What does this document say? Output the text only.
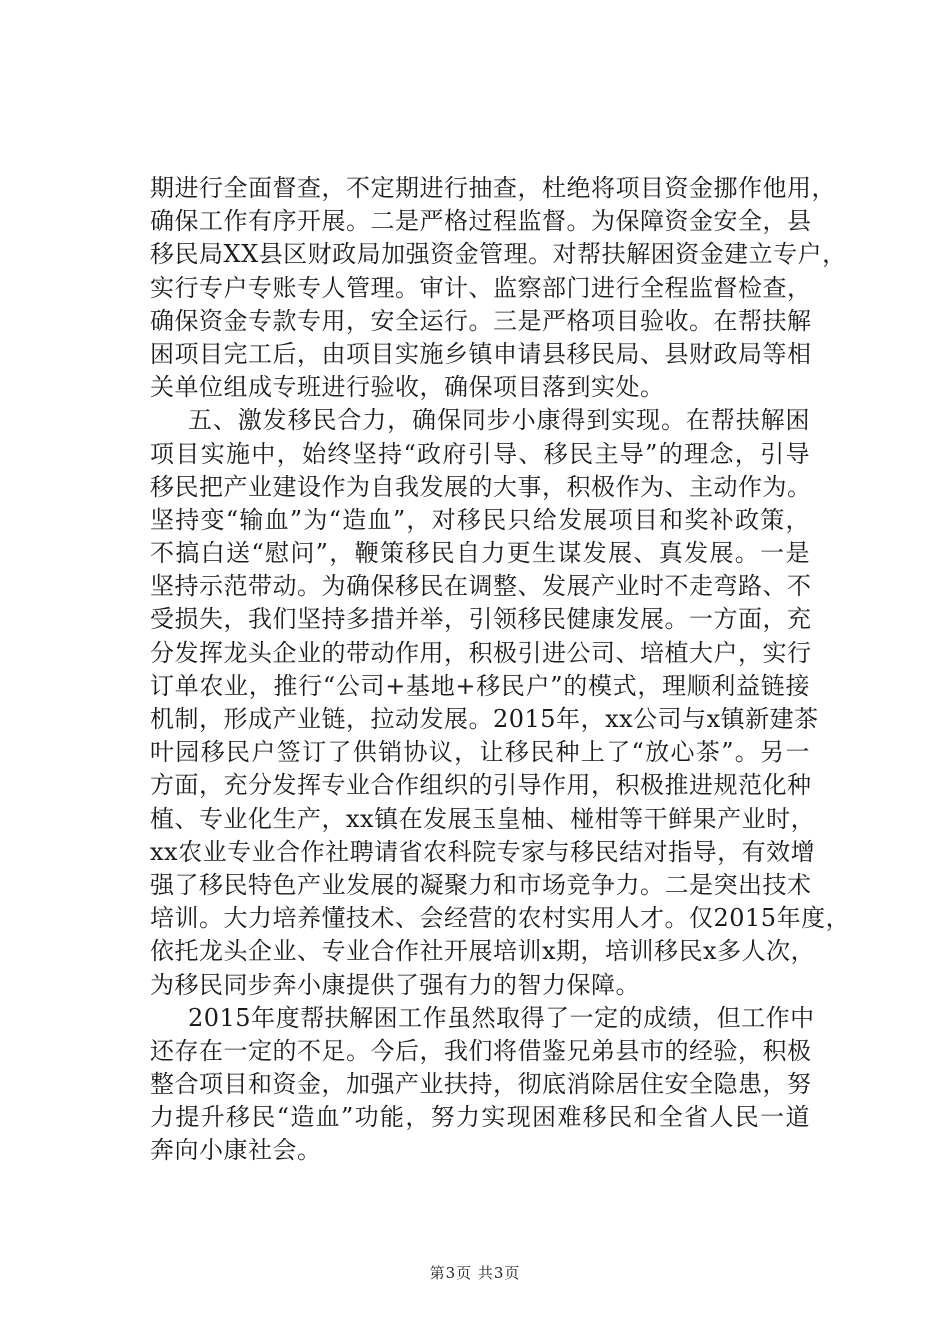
期进行全面督查，不定期进行抽查，杜绝将项目资金挪作他用，
确保工作有序开展。二是严格过程监督。为保障资金安全，县
移民局XX县区财政局加强资金管理。对帮扶解困资金建立专户，
实行专户专账专人管理。审计、监察部门进行全程监督检查，
确保资金专款专用，安全运行。三是严格项目验收。在帮扶解
困项目完工后，由项目实施乡镇申请县移民局、县财政局等相
关单位组成专班进行验收，确保项目落到实处。
五、激发移民合力，确保同步小康得到实现。在帮扶解困
项目实施中，始终坚持“政府引导、移民主导”的理念，引导
移民把产业建设作为自我发展的大事，积极作为、主动作为。
坚持变“输血”为“造血”，对移民只给发展项目和奖补政策，
不搞白送“慰问”，鞭策移民自力更生谋发展、真发展。一是
坚持示范带动。为确保移民在调整、发展产业时不走弯路、不
受损失，我们坚持多措并举，引领移民健康发展。一方面，充
分发挥龙头企业的带动作用，积极引进公司、培植大户，实行
订单农业，推行“公司+基地+移民户”的模式，理顺利益链接
机制，形成产业链，拉动发展。2015年，xx公司与x镇新建茶
叶园移民户签订了供销协议，让移民种上了“放心茶”。另一
方面，充分发挥专业合作组织的引导作用，积极推进规范化种
植、专业化生产，xx镇在发展玉皇柚、椪柑等干鲜果产业时，
xx农业专业合作社聘请省农科院专家与移民结对指导，有效增
强了移民特色产业发展的凝聚力和市场竞争力。二是突出技术
培训。大力培养懂技术、会经营的农村实用人才。仅2015年度，
依托龙头企业、专业合作社开展培训x期，培训移民x多人次，
为移民同步奔小康提供了强有力的智力保障。
2015年度帮扶解困工作虽然取得了一定的成绩，但工作中
还存在一定的不足。今后，我们将借鉴兄弟县市的经验，积极
整合项目和资金，加强产业扶持，彻底消除居住安全隐患，努
力提升移民“造血”功能，努力实现困难移民和全省人民一道
奔向小康社会。
第3页 共3页
